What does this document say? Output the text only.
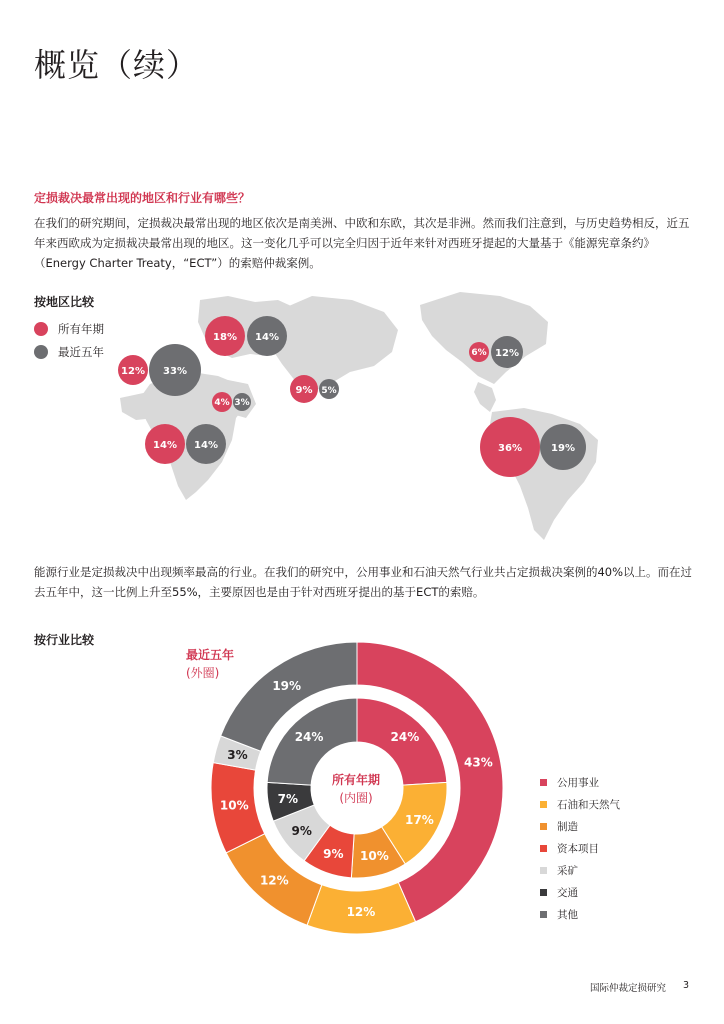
概览（续）
定损裁决最常出现的地区和行业有哪些？
在我们的研究期间，定损裁决最常出现的地区依次是南美洲、中欧和东欧，其次是非洲。然而我们注意到，与历史趋势相反，近五年来西欧成为定损裁决最常出现的地区。这一变化几乎可以完全归因于近年来针对西班牙提起的大量基于《能源宪章条约》（Energy Charter Treaty，“ECT”）的索赔仲裁案例。
按地区比较
所有年期
最近五年
18% 14%
12% 33%
9% 5%
4% 3%
14% 14%
6% 12%
36%	19%
能源行业是定损裁决中出现频率最高的行业。在我们的研究中，公用事业和石油天然气行业共占定损裁决案例的40%以上。而在过去五年中，这一比例上升至55%，主要原因也是由于针对西班牙提出的基于ECT的索赔。
按行业比较
最近五年
(外圈)
43%
12%
12%
10%
3%
19%
24%
17%
10%
9%
9%
7%
24%
所有年期
(内圈)
公用事业
石油和天然气
制造
资本项目
采矿
交通
其他
国际仲裁定损研究 3
